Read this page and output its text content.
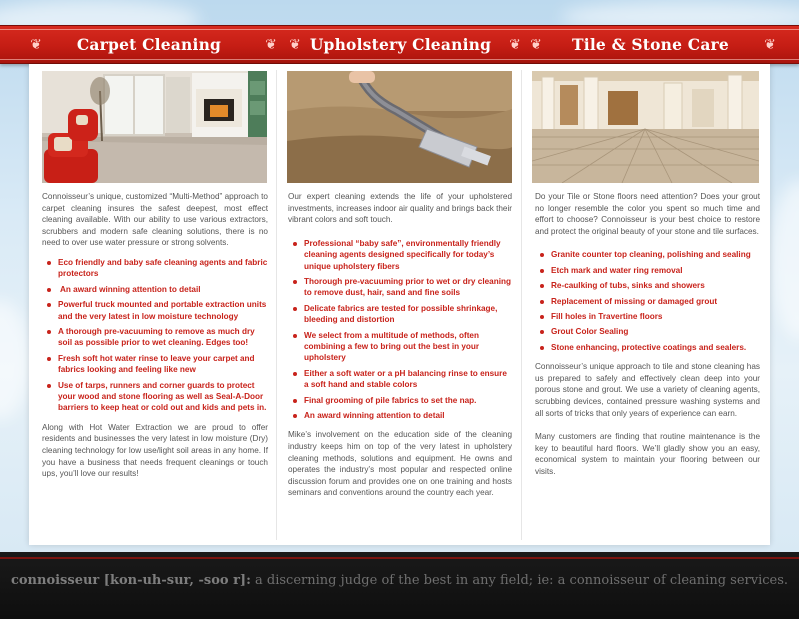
❦	Carpet Cleaning	❦ ❦ Upholstery Cleaning	❦ ❦	Tile & Stone Care	❦

Connoisseur’s unique, customized “Multi-Method” approach to carpet cleaning insures the safest deepest, most effect cleaning available. With our ability to use various extractors, scrubbers and modern safe cleaning solutions, there is no need to over use water pressure or strong solvents.

Eco friendly and baby safe cleaning agents and fabric protectors
An award winning attention to detail
Powerful truck mounted and portable extraction units and the very latest in low moisture technology
A thorough pre-vacuuming to remove as much dry soil as possible prior to wet cleaning. Edges too!
Fresh soft hot water rinse to leave your carpet and fabrics looking and feeling like new
Use of tarps, runners and corner guards to protect your wood and stone flooring as well as Seal-A-Door barriers to keep heat or cold out and kids and pets in.

Along with Hot Water Extraction we are proud to offer residents and businesses the very latest in low moisture (Dry) cleaning technology for low use/light soil areas in any home. If you have a business that needs frequent cleanings or touch ups, you’ll love our results!

Our expert cleaning extends the life of your upholstered investments, increases indoor air quality and brings back their vibrant colors and soft touch.

Professional “baby safe”, environmentally friendly cleaning agents designed specifically for today’s unique upholstery fibers
Thorough pre-vacuuming prior to wet or dry cleaning to remove dust, hair, sand and fine soils
Delicate fabrics are tested for possible shrinkage, bleeding and distortion
We select from a multitude of methods, often combining a few to bring out the best in your upholstery
Either a soft water or a pH balancing rinse to ensure a soft hand and stable colors
Final grooming of pile fabrics to set the nap.
An award winning attention to detail

Mike’s involvement on the education side of the cleaning industry keeps him on top of the very latest in upholstery cleaning methods, solutions and equipment. He owns and operates the industry’s most popular and respected online discussion forum and provides one on one training and hosts seminars and conventions around the country each year.

Do your Tile or Stone floors need attention? Does your grout no longer resemble the color you spent so much time and effort to choose? Connoisseur is your best choice to restore and protect the original beauty of your stone and tile surfaces.

Granite counter top cleaning, polishing and sealing
Etch mark and water ring removal
Re-caulking of tubs, sinks and showers
Replacement of missing or damaged grout
Fill holes in Travertine floors
Grout Color Sealing
Stone enhancing, protective coatings and sealers.

Connoisseur’s unique approach to tile and stone cleaning has us prepared to safely and effectively clean deep into your porous stone and grout. We use a variety of cleaning agents, scrubbing devices, contained pressure washing systems and all sorts of tricks that only years of experience can earn.

Many customers are finding that routine maintenance is the key to beautiful hard floors. We’ll gladly show you an easy, economical system to maintain your flooring between our visits.

connoisseur [kon-uh-sur, -soo r]: a discerning judge of the best in any field; ie: a connoisseur of cleaning services.
